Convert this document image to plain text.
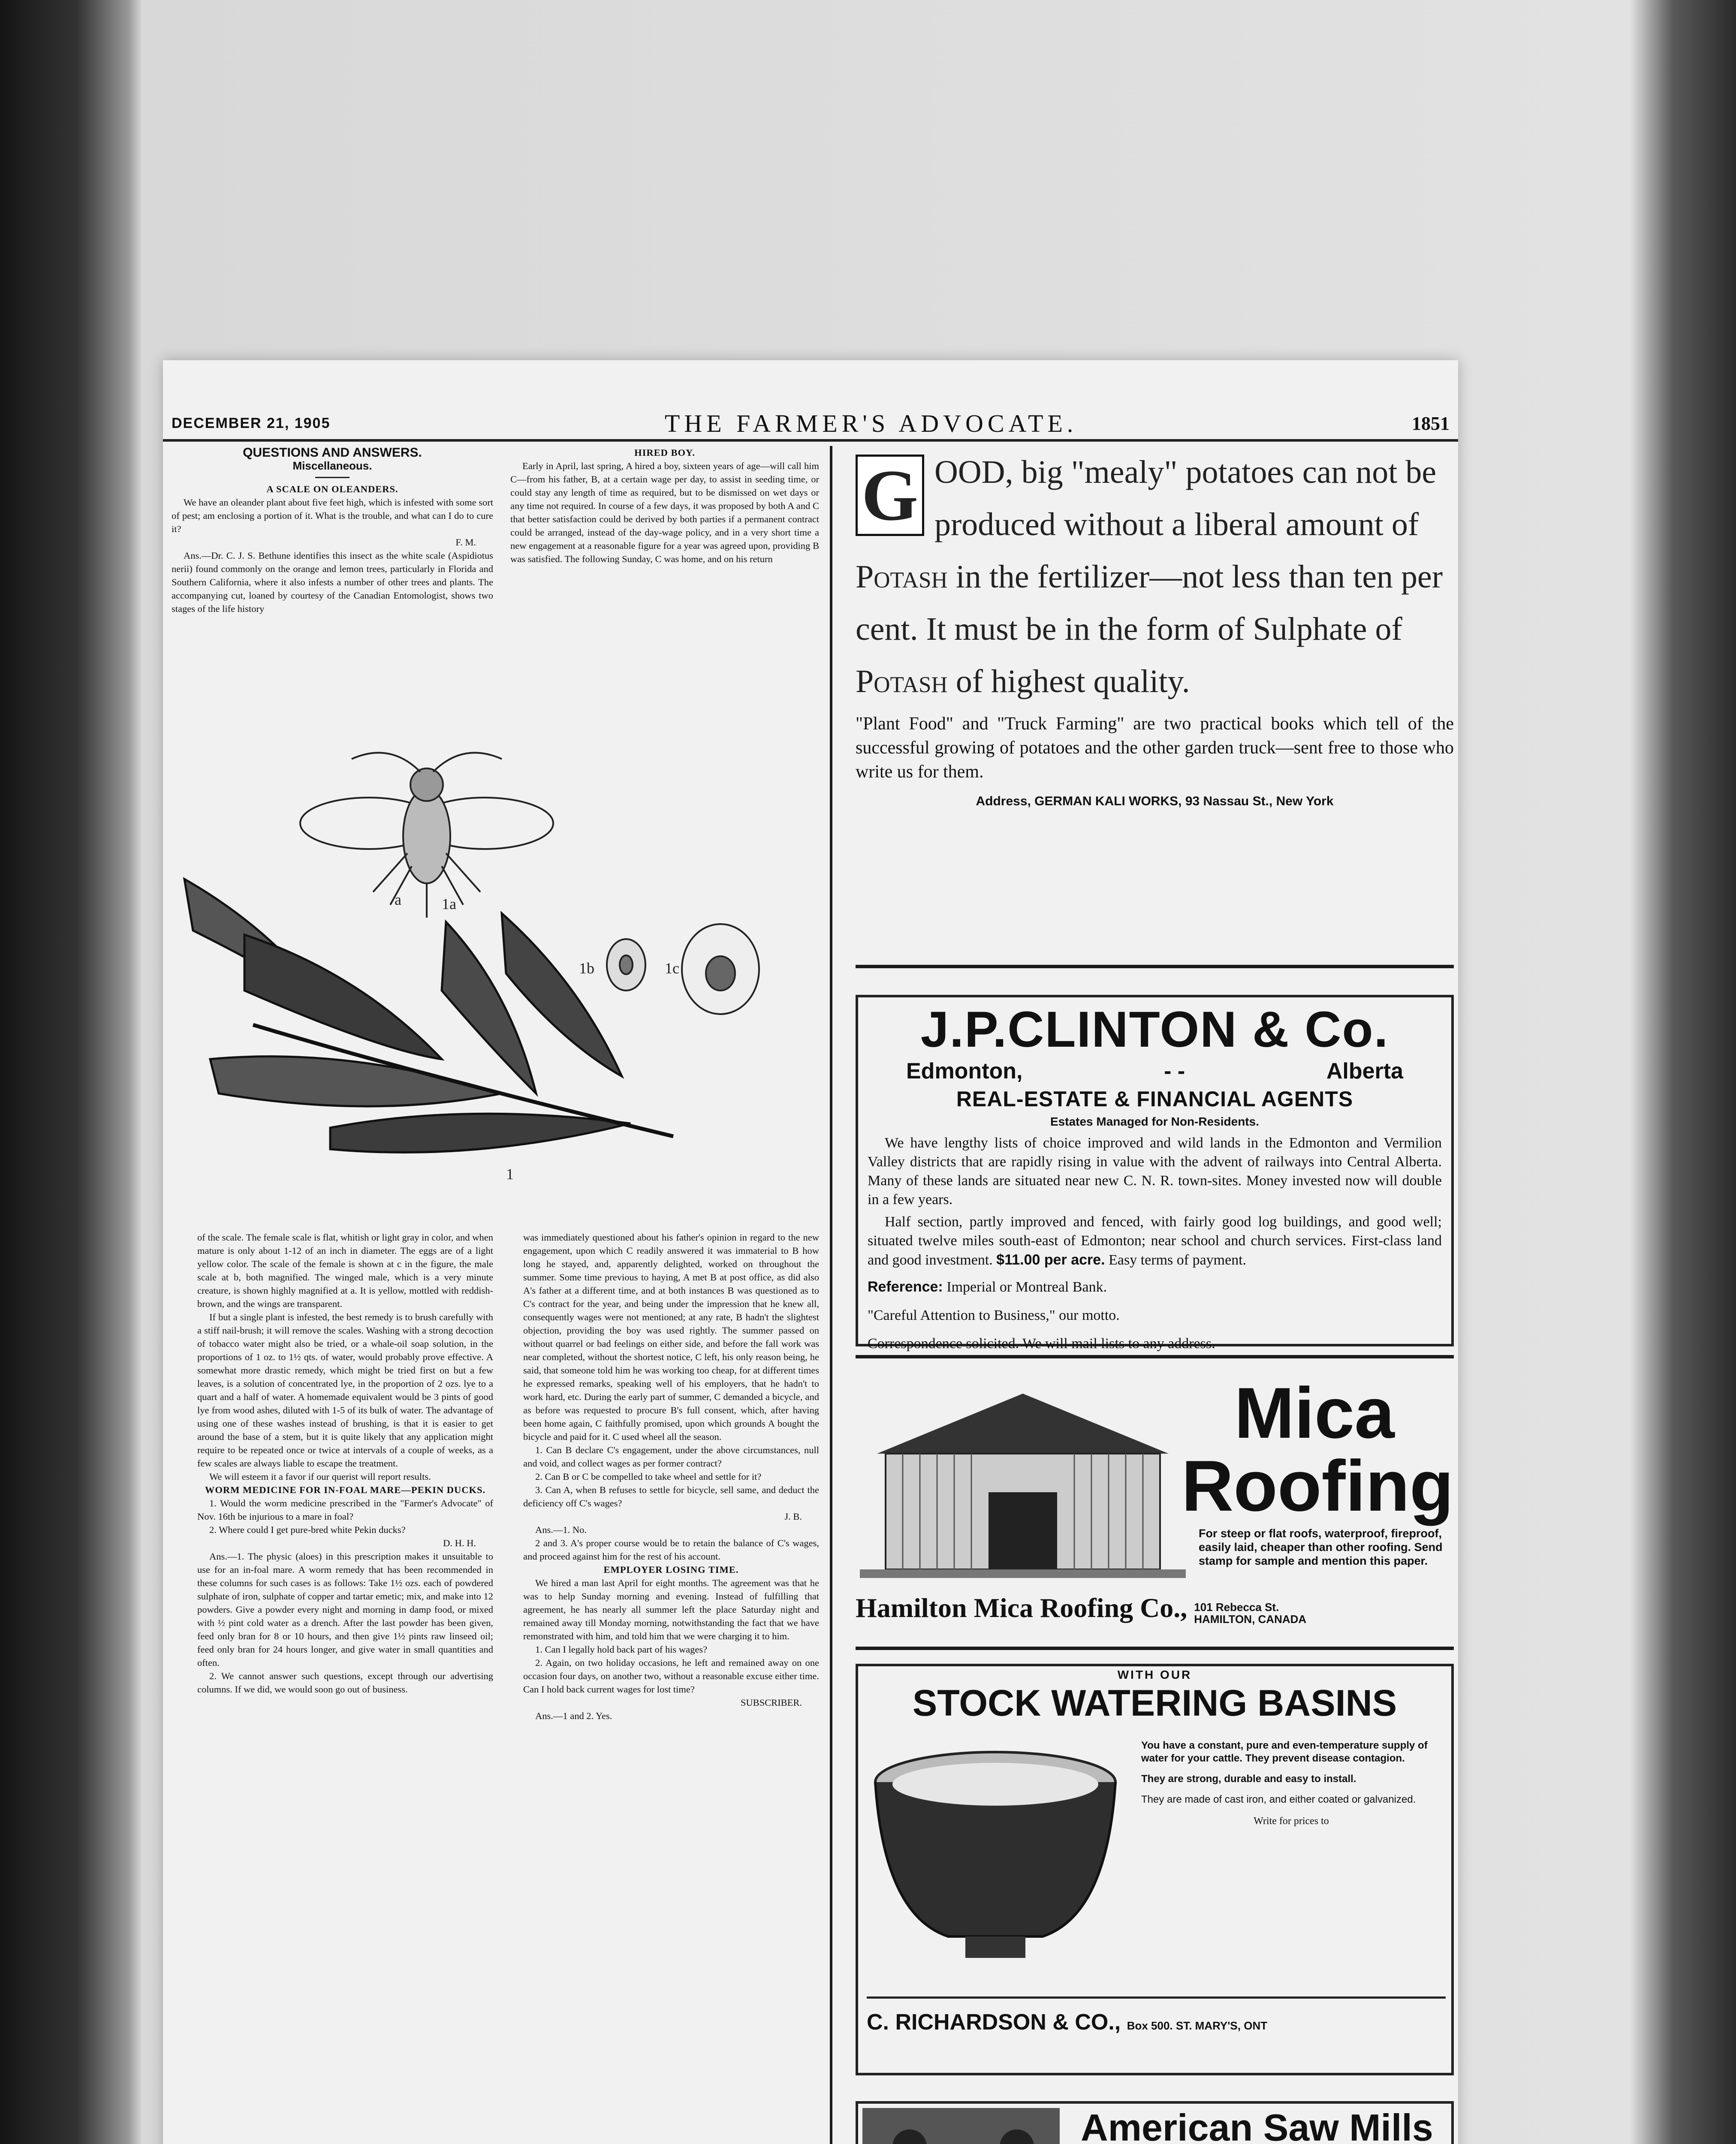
DECEMBER 21, 1905	THE FARMER'S ADVOCATE.	1851

QUESTIONS AND ANSWERS.

Miscellaneous.

A SCALE ON OLEANDERS.

We have an oleander plant about five feet high, which is infested with some sort of pest; am enclosing a portion of it. What is the trouble, and what can I do to cure it?

F. M.

Ans.—Dr. C. J. S. Bethune identifies this insect as the white scale (Aspidiotus nerii) found commonly on the orange and lemon trees, particularly in Florida and Southern California, where it also infests a number of other trees and plants. The accompanying cut, loaned by courtesy of the Canadian Entomologist, shows two stages of the life history

HIRED BOY.

Early in April, last spring, A hired a boy, sixteen years of age—will call him C—from his father, B, at a certain wage per day, to assist in seeding time, or could stay any length of time as required, but to be dismissed on wet days or any time not required. In course of a few days, it was proposed by both A and C that better satisfaction could be derived by both parties if a permanent contract could be arranged, instead of the day-wage policy, and in a very short time a new engagement at a reasonable figure for a year was agreed upon, providing B was satisfied. The following Sunday, C was home, and on his return

a	1a
1b	1c
1

of the scale. The female scale is flat, whitish or light gray in color, and when mature is only about 1-12 of an inch in diameter. The eggs are of a light yellow color. The scale of the female is shown at c in the figure, the male scale at b, both magnified. The winged male, which is a very minute creature, is shown highly magnified at a. It is yellow, mottled with reddish-brown, and the wings are transparent.

If but a single plant is infested, the best remedy is to brush carefully with a stiff nail-brush; it will remove the scales. Washing with a strong decoction of tobacco water might also be tried, or a whale-oil soap solution, in the proportions of 1 oz. to 1½ qts. of water, would probably prove effective. A somewhat more drastic remedy, which might be tried first on but a few leaves, is a solution of concentrated lye, in the proportion of 2 ozs. lye to a quart and a half of water. A homemade equivalent would be 3 pints of good lye from wood ashes, diluted with 1-5 of its bulk of water. The advantage of using one of these washes instead of brushing, is that it is easier to get around the base of a stem, but it is quite likely that any application might require to be repeated once or twice at intervals of a couple of weeks, as a few scales are always liable to escape the treatment.

We will esteem it a favor if our querist will report results.

WORM MEDICINE FOR IN-FOAL MARE—PEKIN DUCKS.

1. Would the worm medicine prescribed in the "Farmer's Advocate" of Nov. 16th be injurious to a mare in foal?

2. Where could I get pure-bred white Pekin ducks?

D. H. H.

Ans.—1. The physic (aloes) in this prescription makes it unsuitable to use for an in-foal mare. A worm remedy that has been recommended in these columns for such cases is as follows: Take 1½ ozs. each of powdered sulphate of iron, sulphate of copper and tartar emetic; mix, and make into 12 powders. Give a powder every night and morning in damp food, or mixed with ½ pint cold water as a drench. After the last powder has been given, feed only bran for 8 or 10 hours, and then give 1½ pints raw linseed oil; feed only bran for 24 hours longer, and give water in small quantities and often.

2. We cannot answer such questions, except through our advertising columns. If we did, we would soon go out of business.

was immediately questioned about his father's opinion in regard to the new engagement, upon which C readily answered it was immaterial to B how long he stayed, and, apparently delighted, worked on throughout the summer. Some time previous to haying, A met B at post office, as did also A's father at a different time, and at both instances B was questioned as to C's contract for the year, and being under the impression that he knew all, consequently wages were not mentioned; at any rate, B hadn't the slightest objection, providing the boy was used rightly. The summer passed on without quarrel or bad feelings on either side, and before the fall work was near completed, without the shortest notice, C left, his only reason being, he said, that someone told him he was working too cheap, for at different times he expressed remarks, speaking well of his employers, that he hadn't to work hard, etc. During the early part of summer, C demanded a bicycle, and as before was requested to procure B's full consent, which, after having been home again, C faithfully promised, upon which grounds A bought the bicycle and paid for it. C used wheel all the season.

1. Can B declare C's engagement, under the above circumstances, null and void, and collect wages as per former contract?

2. Can B or C be compelled to take wheel and settle for it?

3. Can A, when B refuses to settle for bicycle, sell same, and deduct the deficiency off C's wages?

J. B.

Ans.—1. No.

2 and 3. A's proper course would be to retain the balance of C's wages, and proceed against him for the rest of his account.

EMPLOYER LOSING TIME.

We hired a man last April for eight months. The agreement was that he was to help Sunday morning and evening. Instead of fulfilling that agreement, he has nearly all summer left the place Saturday night and remained away till Monday morning, notwithstanding the fact that we have remonstrated with him, and told him that we were charging it to him.

1. Can I legally hold back part of his wages?

2. Again, on two holiday occasions, he left and remained away on one occasion four days, on another two, without a reasonable excuse either time. Can I hold back current wages for lost time?

SUBSCRIBER.

Ans.—1 and 2. Yes.

G OOD, big "mealy" potatoes can not be produced without a liberal amount of Potash in the fertilizer—not less than ten per cent. It must be in the form of Sulphate of Potash of highest quality.
"Plant Food" and "Truck Farming" are two practical books which tell of the successful growing of potatoes and the other garden truck—sent free to those who write us for them.
Address, GERMAN KALI WORKS, 93 Nassau St., New York
J.P.CLINTON & Co.
Edmonton,	- -	Alberta
REAL-ESTATE & FINANCIAL AGENTS
Estates Managed for Non-Residents.
We have lengthy lists of choice improved and wild lands in the Edmonton and Vermilion Valley districts that are rapidly rising in value with the advent of railways into Central Alberta. Many of these lands are situated near new C. N. R. town-sites. Money invested now will double in a few years.
Half section, partly improved and fenced, with fairly good log buildings, and good well; situated twelve miles south-east of Edmonton; near school and church services. First-class land and good investment. $11.00 per acre. Easy terms of payment.
Reference: Imperial or Montreal Bank.
"Careful Attention to Business," our motto.
Correspondence solicited. We will mail lists to any address.
Mica
Roofing
For steep or flat roofs, waterproof, fireproof, easily laid, cheaper than other roofing. Send stamp for sample and mention this paper.
Hamilton Mica Roofing Co., 101 Rebecca St.
HAMILTON, CANADA
WITH OUR
STOCK WATERING BASINS

You have a constant, pure and even-temperature supply of water for your cattle. They prevent disease contagion.

They are strong, durable and easy to install.

They are made of cast iron, and either coated or galvanized.

Write for prices to
C. RICHARDSON & CO., Box 500. ST. MARY'S, ONT
American Saw Mills
